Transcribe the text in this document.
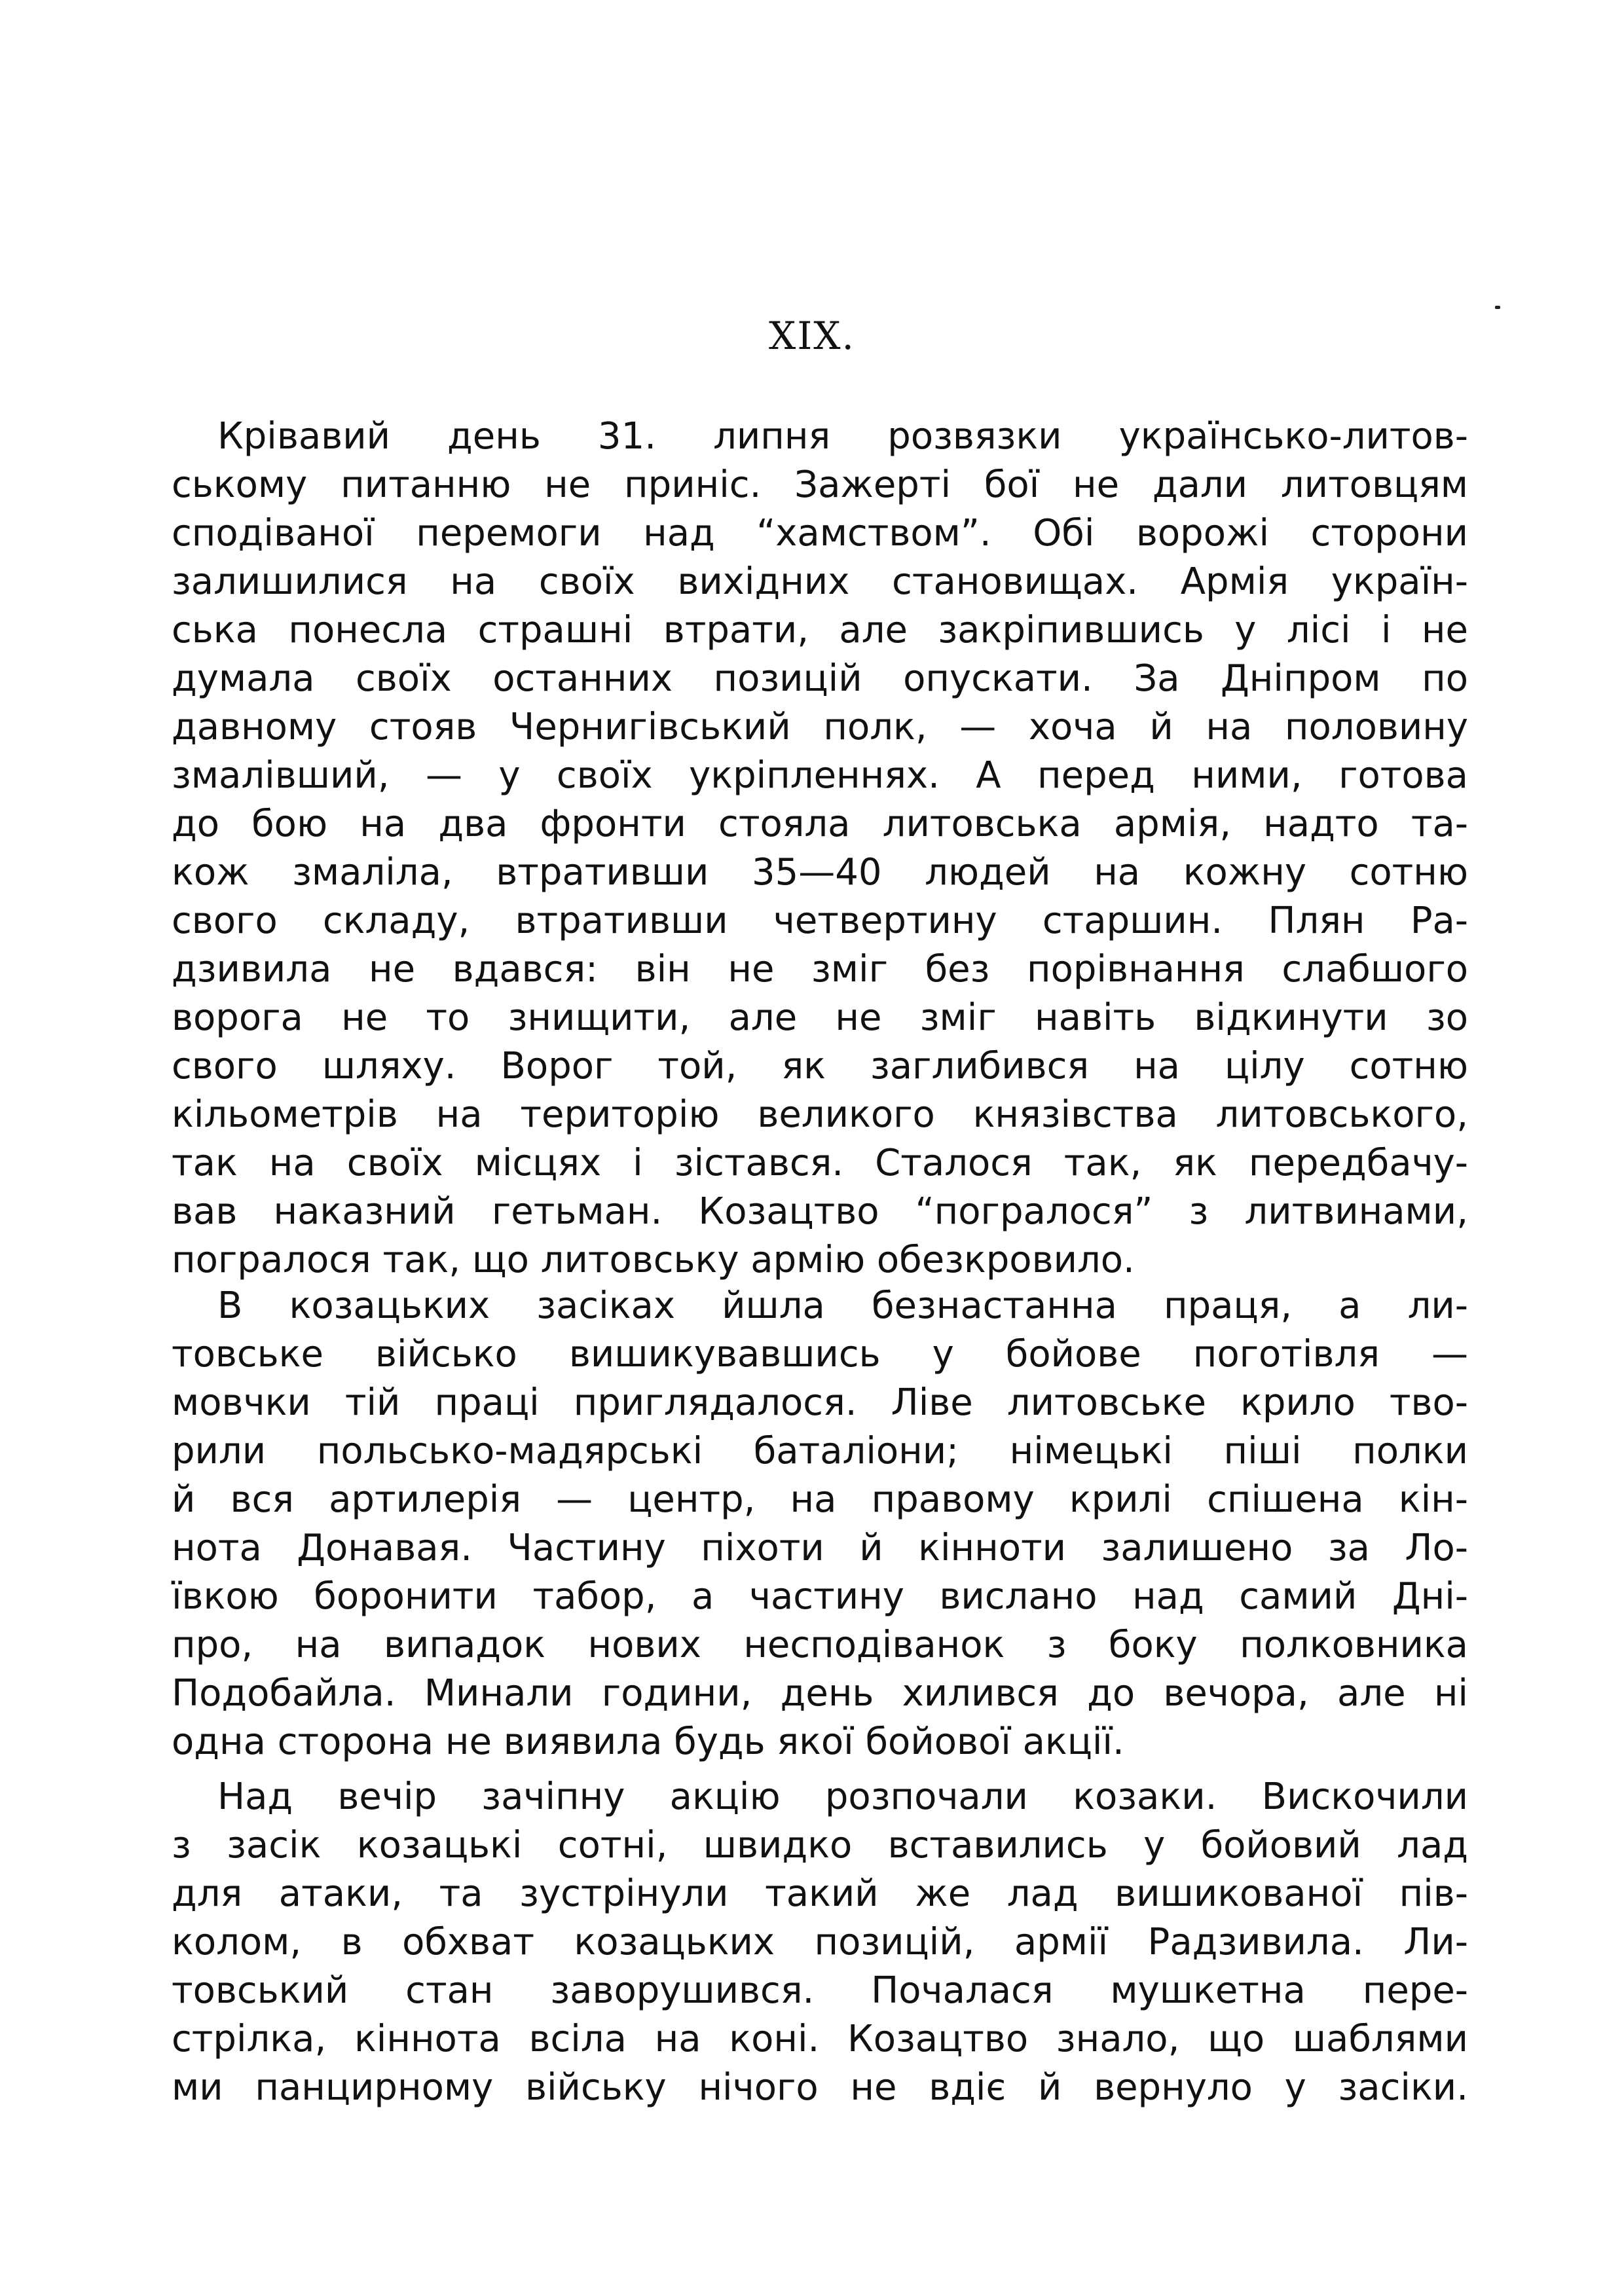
XIX.
Крівавий день 31. липня розвязки українсько-литов-
ському питанню не приніс. Зажерті бої не дали литовцям
сподіваної перемоги над “хамством”. Обі ворожі сторони
залишилися на своїх вихідних становищах. Армія україн-
ська понесла страшні втрати, але закріпившись у лісі і не
думала своїх останних позицій опускати. За Дніпром по
давному стояв Чернигівський полк, — хоча й на половину
змалівший, — у своїх укріпленнях. А перед ними, готова
до бою на два фронти стояла литовська армія, надто та-
кож змаліла, втративши 35—40 людей на кожну сотню
свого складу, втративши четвертину старшин. Плян Ра-
дзивила не вдався: він не зміг без порівнання слабшого
ворога не то знищити, але не зміг навіть відкинути зо
свого шляху. Ворог той, як заглибився на цілу сотню
кільометрів на територію великого князівства литовського,
так на своїх місцях і зістався. Сталося так, як передбачу-
вав наказний гетьман. Козацтво “погралося” з литвинами,
погралося так, що литовську армію обезкровило.
В козацьких засіках йшла безнастанна праця, а ли-
товське військо вишикувавшись у бойове поготівля —
мовчки тій праці приглядалося. Ліве литовське крило тво-
рили польсько-мадярські баталіони; німецькі піші полки
й вся артилерія — центр, на правому крилі спішена кін-
нота Донавая. Частину піхоти й кінноти залишено за Ло-
ївкою боронити табор, а частину вислано над самий Дні-
про, на випадок нових несподіванок з боку полковника
Подобайла. Минали години, день хилився до вечора, але ні
одна сторона не виявила будь якої бойової акції.
Над вечір зачіпну акцію розпочали козаки. Вискочили
з засік козацькі сотні, швидко вставились у бойовий лад
для атаки, та зустрінули такий же лад вишикованої пів-
колом, в обхват козацьких позицій, армії Радзивила. Ли-
товський стан заворушився. Почалася мушкетна пере-
стрілка, кіннота всіла на коні. Козацтво знало, що шаблями
ми панцирному війську нічого не вдіє й вернуло у засіки.
